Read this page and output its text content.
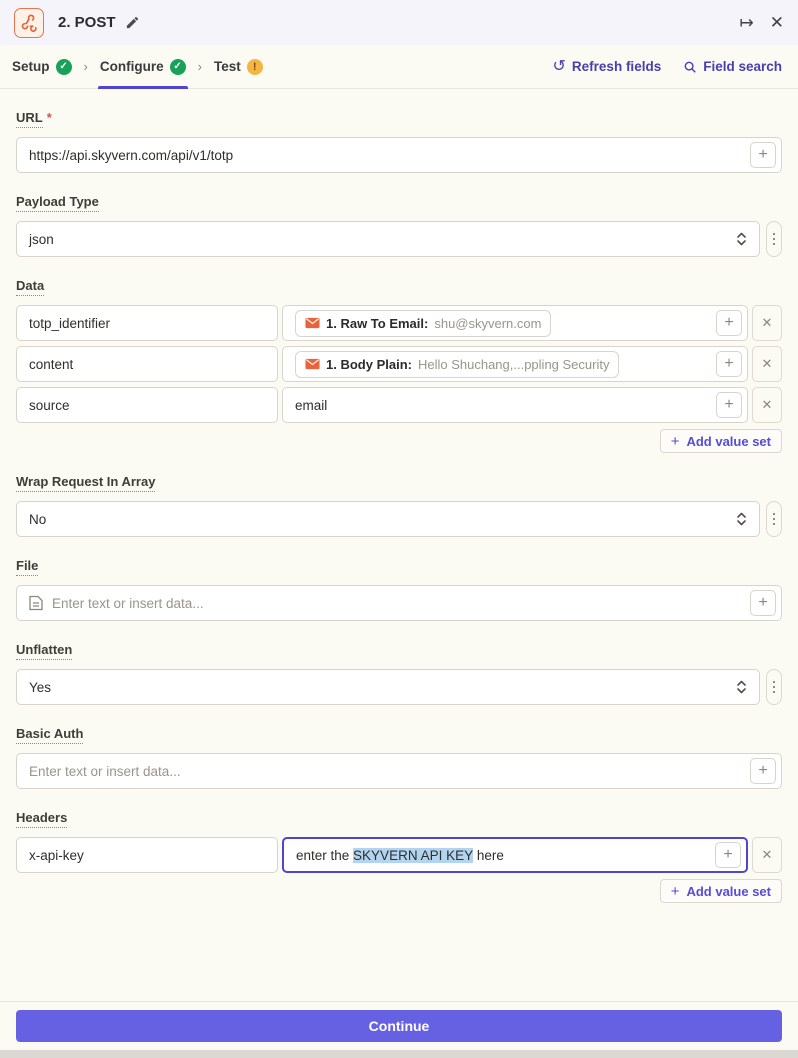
2. POST	↦ ✕
Setup ✓ › Configure ✓ › Test	!	↺ Refresh fields	Field search
URL *
https://api.skyvern.com/api/v1/totp	+
Payload Type
json
Data
totp_identifier	1. Raw To Email: shu@skyvern.com	+	✕
content	1. Body Plain: Hello Shuchang,...ppling Security	+	✕
source	email	+	✕
+ Add value set
Wrap Request In Array
No
File
Enter text or insert data...	+
Unflatten
Yes
Basic Auth
Enter text or insert data...	+
Headers
x-api-key	enter the SKYVERN API KEY here	+	✕
+ Add value set
Continue
